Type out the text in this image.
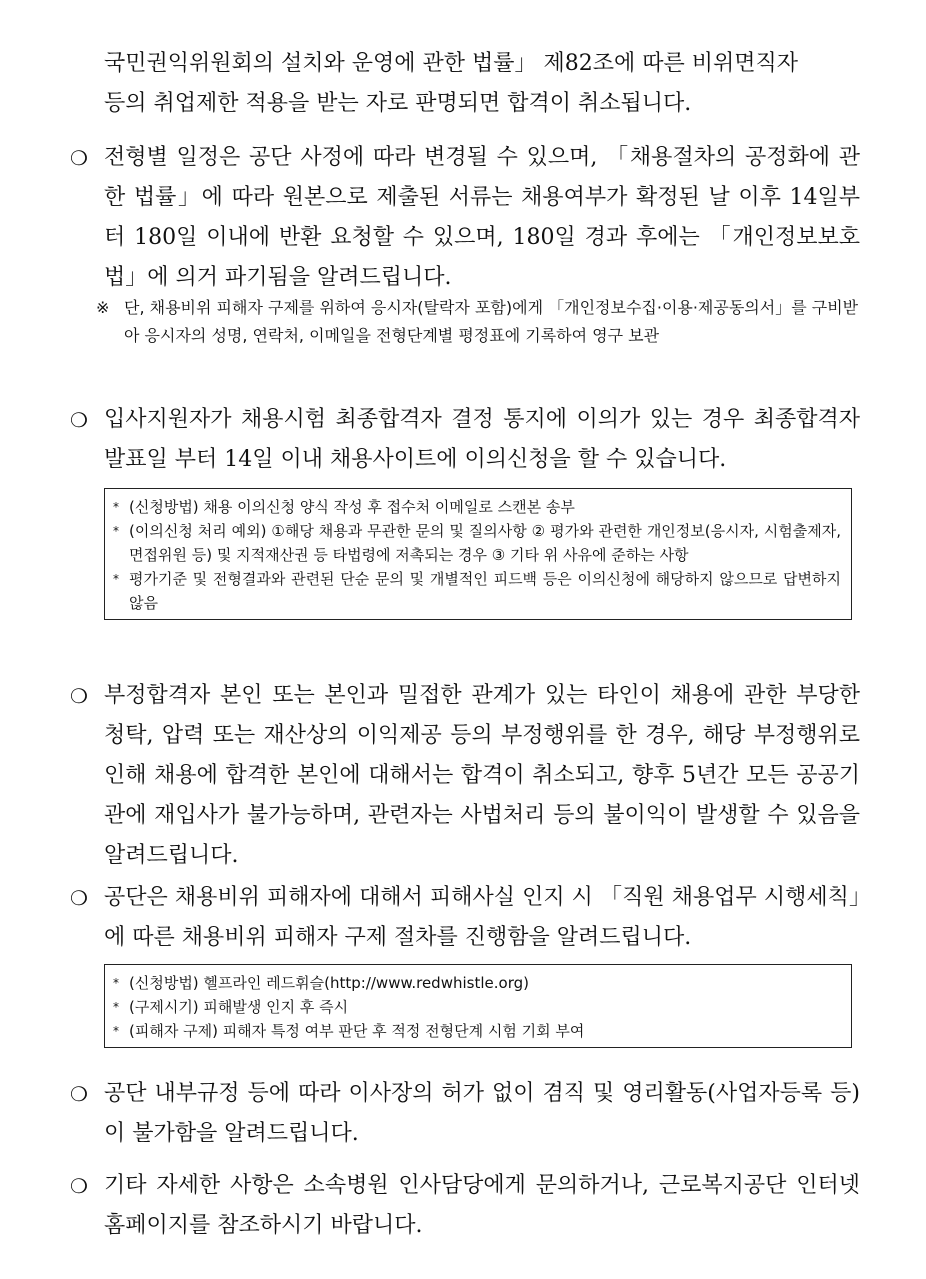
국민권익위원회의 설치와 운영에 관한 법률」 제82조에 따른 비위면직자
등의 취업제한 적용을 받는 자로 판명되면 합격이 취소됩니다.
❍ 전형별 일정은 공단 사정에 따라 변경될 수 있으며, 「채용절차의 공정화에 관한 법률」에 따라 원본으로 제출된 서류는 채용여부가 확정된 날 이후 14일부터 180일 이내에 반환 요청할 수 있으며, 180일 경과 후에는 「개인정보보호법」에 의거 파기됨을 알려드립니다.
※ 단, 채용비위 피해자 구제를 위하여 응시자(탈락자 포함)에게 「개인정보수집·이용·제공동의서」를 구비받아 응시자의 성명, 연락처, 이메일을 전형단계별 평정표에 기록하여 영구 보관
❍ 입사지원자가 채용시험 최종합격자 결정 통지에 이의가 있는 경우 최종합격자 발표일 부터 14일 이내 채용사이트에 이의신청을 할 수 있습니다.
* (신청방법) 채용 이의신청 양식 작성 후 접수처 이메일로 스캔본 송부
* (이의신청 처리 예외) ①해당 채용과 무관한 문의 및 질의사항 ② 평가와 관련한 개인정보(응시자, 시험출제자, 면접위원 등) 및 지적재산권 등 타법령에 저촉되는 경우 ③ 기타 위 사유에 준하는 사항
* 평가기준 및 전형결과와 관련된 단순 문의 및 개별적인 피드백 등은 이의신청에 해당하지 않으므로 답변하지 않음
❍ 부정합격자 본인 또는 본인과 밀접한 관계가 있는 타인이 채용에 관한 부당한 청탁, 압력 또는 재산상의 이익제공 등의 부정행위를 한 경우, 해당 부정행위로 인해 채용에 합격한 본인에 대해서는 합격이 취소되고, 향후 5년간 모든 공공기관에 재입사가 불가능하며, 관련자는 사법처리 등의 불이익이 발생할 수 있음을 알려드립니다.
❍ 공단은 채용비위 피해자에 대해서 피해사실 인지 시 「직원 채용업무 시행세칙」에 따른 채용비위 피해자 구제 절차를 진행함을 알려드립니다.
* (신청방법) 헬프라인 레드휘슬(http://www.redwhistle.org)
* (구제시기) 피해발생 인지 후 즉시
* (피해자 구제) 피해자 특정 여부 판단 후 적정 전형단계 시험 기회 부여
❍ 공단 내부규정 등에 따라 이사장의 허가 없이 겸직 및 영리활동(사업자등록 등)이 불가함을 알려드립니다.
❍ 기타 자세한 사항은 소속병원 인사담당에게 문의하거나, 근로복지공단 인터넷 홈페이지를 참조하시기 바랍니다.
